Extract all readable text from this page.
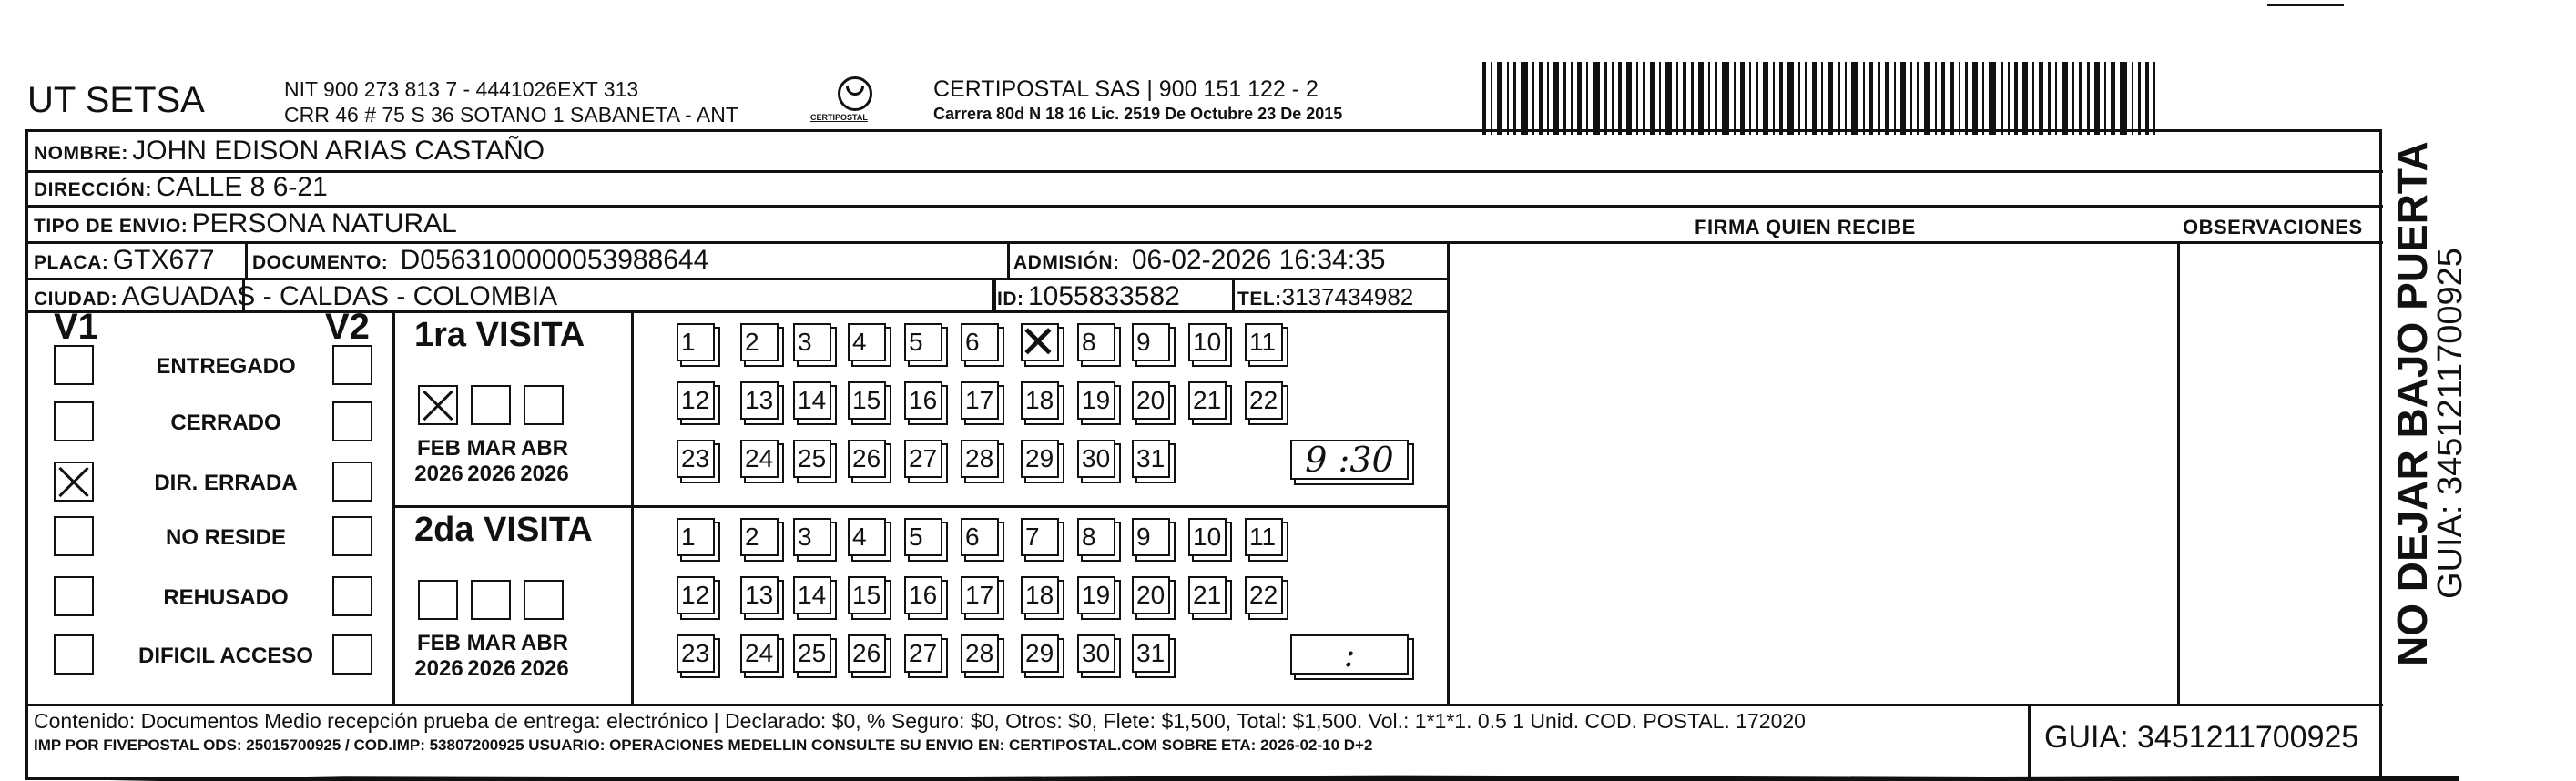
UT SETSA	NIT 900 273 813 7 - 4441026EXT 313
CRR 46 # 75 S 36 SOTANO 1 SABANETA - ANT	CERTIPOSTAL
CERTIPOSTAL SAS | 900 151 122 - 2
Carrera 80d N 18 16 Lic. 2519 De Octubre 23 De 2015
NOMBRE: JOHN EDISON ARIAS CASTAÑO
DIRECCIÓN: CALLE 8 6-21
TIPO DE ENVIO: PERSONA NATURAL	FIRMA QUIEN RECIBE	OBSERVACIONES
PLACA: GTX677 DOCUMENTO: D0563100000053988644	ADMISIÓN: 06-02-2026 16:34:35
CIUDAD: AGUADAS - CALDAS - COLOMBIA	ID: 1055833582	TEL:3137434982
V1	V2
ENTREGADO
CERRADO
DIR. ERRADA
NO RESIDE
REHUSADO
DIFICIL ACCESO
1ra VISITA
FEB
2026
MAR
2026
ABR
2026
1	2	3	4	5	6
✕	8	9	10 11
12 13 14 15 16 17 18 19 20 21 22
23 24 25 26 27 28 29 30 31	9 :30
2da VISITA
FEB
2026
MAR
2026
ABR
2026
1	2	3	4	5	6	7	8	9	10 11
12 13 14 15 16 17 18 19 20 21 22
23 24 25 26 27 28 29 30 31	:
Contenido: Documentos Medio recepción prueba de entrega: electrónico | Declarado: $0, % Seguro: $0, Otros: $0, Flete: $1,500, Total: $1,500. Vol.: 1*1*1. 0.5 1 Unid. COD. POSTAL. 172020
IMP POR FIVEPOSTAL ODS: 25015700925 / COD.IMP: 53807200925 USUARIO: OPERACIONES MEDELLIN CONSULTE SU ENVIO EN: CERTIPOSTAL.COM SOBRE ETA: 2026-02-10 D+2	GUIA: 3451211700925
NO DEJAR BAJO PUERTA
GUIA: 3451211700925
